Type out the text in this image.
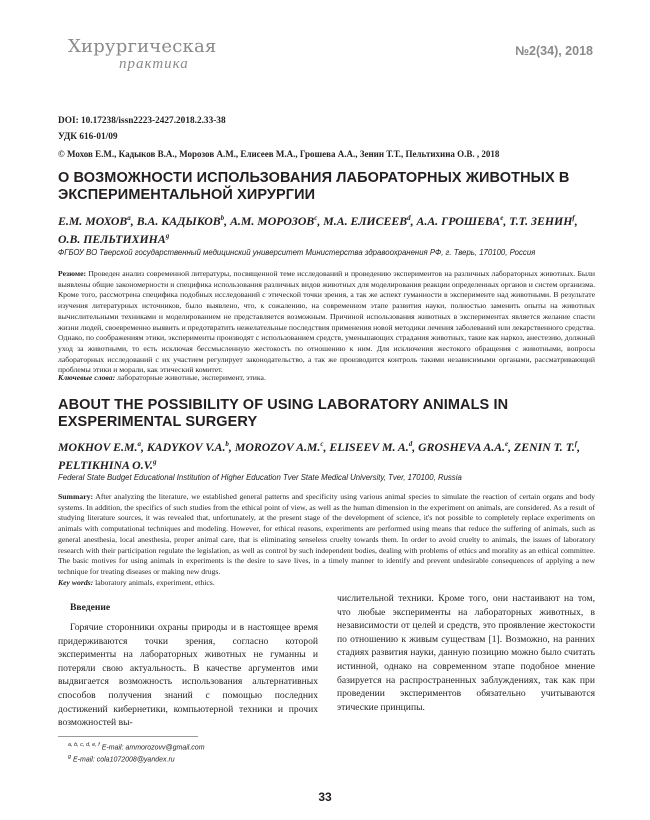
Хирургическая
практика
№2(34), 2018
DOI: 10.17238/issn2223-2427.2018.2.33-38
УДК 616-01/09
© Мохов Е.М., Кадыков В.А., Морозов А.М., Елисеев М.А., Грошева А.А., Зенин Т.Т., Пельтихина О.В. , 2018
О ВОЗМОЖНОСТИ ИСПОЛЬЗОВАНИЯ ЛАБОРАТОРНЫХ ЖИВОТНЫХ В ЭКСПЕРИМЕНТАЛЬНОЙ ХИРУРГИИ
Е.М. МОХОВ$^a$, В.А. КАДЫКОВ$^b$, А.М. МОРОЗОВ$^c$, М.А. ЕЛИСЕЕВ$^d$, А.А. ГРОШЕВА$^e$, Т.Т. ЗЕНИН$^f$, О.В. ПЕЛЬТИХИНА$^g$
ФГБОУ ВО Тверской государственный медицинский университет Министерства здравоохранения РФ, г. Тверь, 170100, Россия
Резюме: Проведен анализ современной литературы, посвященной теме исследований и проведению экспериментов на различных лабораторных животных. Были выявлены общие закономерности и специфика использования различных видов животных для моделирования реакции определенных органов и систем организма. Кроме того, рассмотрена специфика подобных исследований с этической точки зрения, а так же аспект гуманности в эксперименте над животными. В результате изучения литературных источников, было выявлено, что, к сожалению, на современном этапе развития науки, полностью заменить опыты на животных вычислительными техниками и моделированием не представляется возможным. Причиной использования животных в экспериментах является желание спасти жизни людей, своевременно выявить и предотвратить нежелательные последствия применения новой методики лечения заболеваний или лекарственного средства. Однако, по соображениям этики, эксперименты производят с использованием средств, уменьшающих страдания животных, такие как наркоз, анестезию, должный уход за животными, то есть исключая бессмысленную жестокость по отношению к ним. Для исключения жестокого обращения с животными, вопросы лабораторных исследований с их участием регулирует законодательство, а так же производится контроль такими независимыми органами, рассматривающий проблемы этики и морали, как этический комитет.
Ключевые слова: лабораторные животные, эксперимент, этика.
ABOUT THE POSSIBILITY OF USING LABORATORY ANIMALS IN EXSPERIMENTAL SURGERY
MOKHOV E.M.$^a$, KADYKOV V.A.$^b$, MOROZOV A.M.$^c$, ELISEEV M. A.$^d$, GROSHEVA A.A.$^e$, ZENIN T. T.$^f$, PELTIKHINA O.V.$^g$
Federal State Budget Educational Institution of Higher Education Tver State Medical University, Tver, 170100, Russia
Summary: After analyzing the literature, we established general patterns and specificity using various animal species to simulate the reaction of certain organs and body systems. In addition, the specifics of such studies from the ethical point of view, as well as the human dimension in the experiment on animals, are considered. As a result of studying literature sources, it was revealed that, unfortunately, at the present stage of the development of science, it's not possible to completely replace experiments on animals with computational techniques and modeling. However, for ethical reasons, experiments are performed using means that reduce the suffering of animals, such as general anesthesia, local anesthesia, proper animal care, that is eliminating senseless cruelty towards them. In order to avoid cruelty to animals, the issues of laboratory research with their participation regulate the legislation, as well as control by such independent bodies, dealing with problems of ethics and morality as an ethical committee. The basic motives for using animals in experiments is the desire to save lives, in a timely manner to identify and prevent undesirable consequences of applying a new technique for treating diseases or making new drugs.
Key words: laboratory animals, experiment, ethics.
Введение

Горячие сторонники охраны природы и в настоящее время придерживаются точки зрения, согласно которой эксперименты на лабораторных животных не гуманны и потеряли свою актуальность. В качестве аргументов ими выдвигается возможность использования альтернативных способов получения знаний с помощью последних достижений кибернетики, компьютерной техники и прочих возможностей вы-

числительной техники. Кроме того, они настаивают на том, что любые эксперименты на лабораторных животных, в независимости от целей и средств, это проявление жестокости по отношению к живым существам [1]. Возможно, на ранних стадиях развития науки, данную позицию можно было считать истинной, однако на современном этапе подобное мнение базируется на распространенных заблуждениях, так как при проведении экспериментов обязательно учитываются этические принципы.

$^{a, b, c, d, e, f}$ E-mail: ammorozovv@gmail.com
$^g$ E-mail: cola1072008@yandex.ru
33
